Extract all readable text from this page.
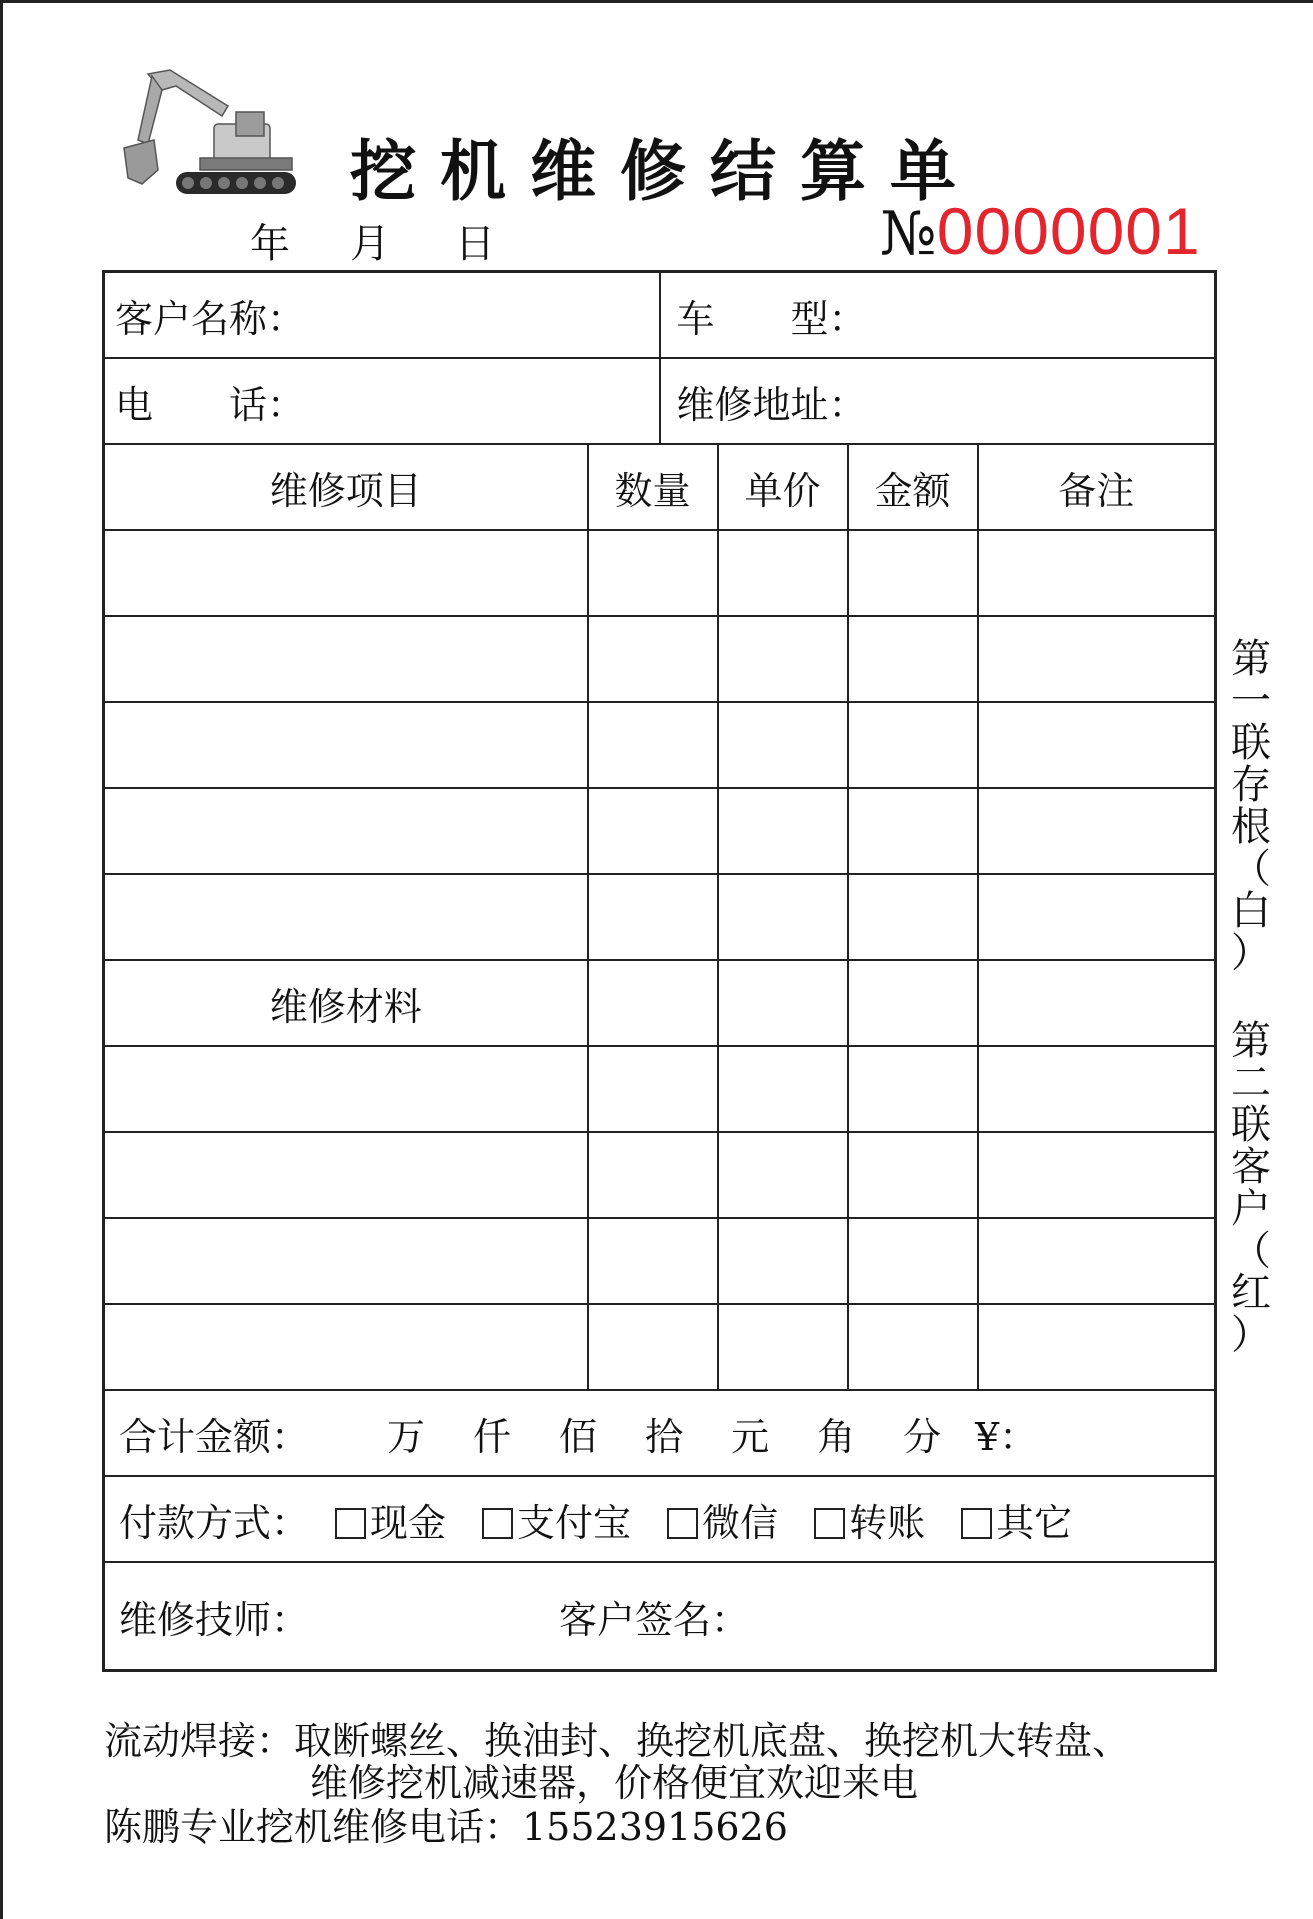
挖机维修结算单
年 月 日	№0000001
客户名称：		车　　型：			
电　　话：		维修地址：			
维修项目	数量		单价	金额	备注

维修材料					

合计金额： 万 仟 佰 拾 元 角 分 ¥：					
付款方式： 现金 支付宝 微信 转账 其它					
维修技师： 客户签名：					
第
一
联
存
根
（
白
）
第
二
联
客
户
（
红
）
流动焊接：取断螺丝、换油封、换挖机底盘、换挖机大转盘、
维修挖机减速器，价格便宜欢迎来电
陈鹏专业挖机维修电话：15523915626
